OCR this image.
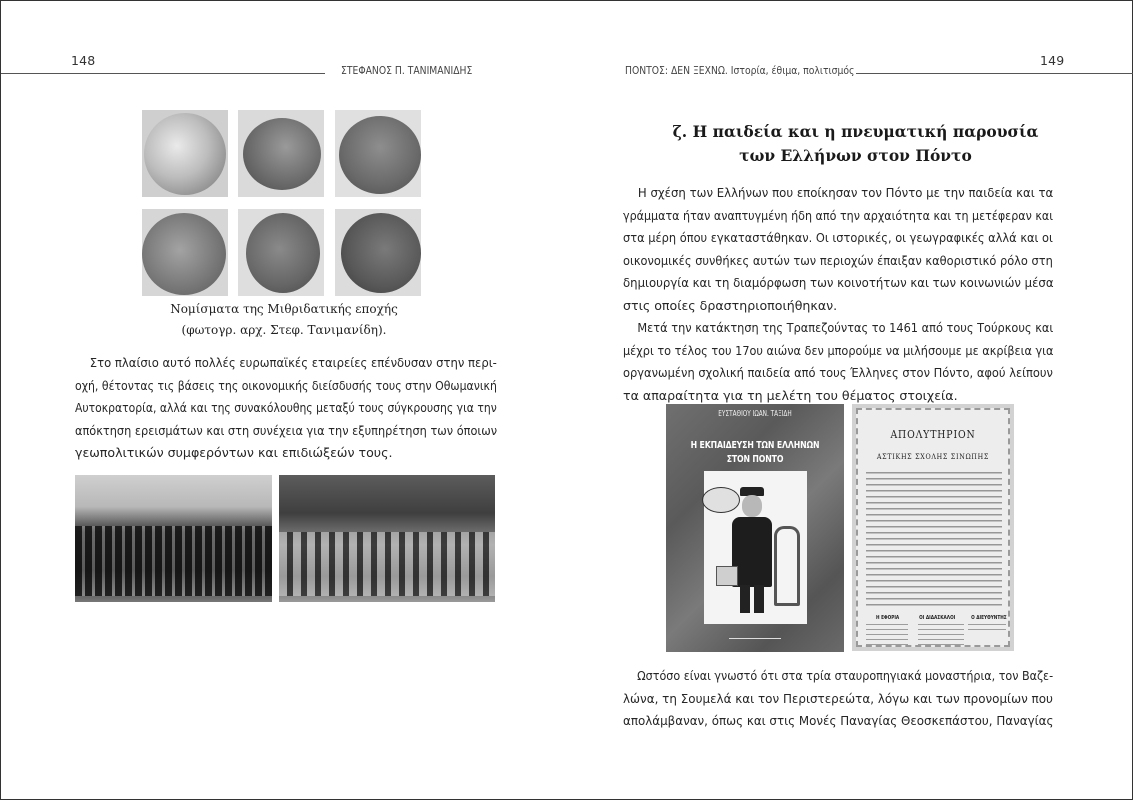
148
ΣΤΕΦΑΝΟΣ Π. ΤΑΝΙΜΑΝΙΔΗΣ
Νομίσματα της Μιθριδατικής εποχής
(φωτογρ. αρχ. Στεφ. Τανιμανίδη).
Στο πλαίσιο αυτό πολλές ευρωπαϊκές εταιρείες επένδυσαν στην περι-
οχή, θέτοντας τις βάσεις της οικονομικής διείσδυσής τους στην Οθωμανική
Αυτοκρατορία, αλλά και της συνακόλουθης μεταξύ τους σύγκρουσης για την
απόκτηση ερεισμάτων και στη συνέχεια για την εξυπηρέτηση των όποιων
γεωπολιτικών συμφερόντων και επιδιώξεών τους.
ΠΟΝΤΟΣ: ΔΕΝ ΞΕΧΝΩ. Ιστορία, έθιμα, πολιτισμός
149
ζ. Η παιδεία και η πνευματική παρουσία
των Ελλήνων στον Πόντο
Η σχέση των Ελλήνων που εποίκησαν τον Πόντο με την παιδεία και τα
γράμματα ήταν αναπτυγμένη ήδη από την αρχαιότητα και τη μετέφεραν και
στα μέρη όπου εγκαταστάθηκαν. Οι ιστορικές, οι γεωγραφικές αλλά και οι
οικονομικές συνθήκες αυτών των περιοχών έπαιξαν καθοριστικό ρόλο στη
δημιουργία και τη διαμόρφωση των κοινοτήτων και των κοινωνιών μέσα
στις οποίες δραστηριοποιήθηκαν.
Μετά την κατάκτηση της Τραπεζούντας το 1461 από τους Τούρκους και
μέχρι το τέλος του 17ου αιώνα δεν μπορούμε να μιλήσουμε με ακρίβεια για
οργανωμένη σχολική παιδεία από τους Έλληνες στον Πόντο, αφού λείπουν
τα απαραίτητα για τη μελέτη του θέματος στοιχεία.
ΕΥΣΤΑΘΙΟΥ ΙΩΑΝ. ΤΑΞΙΔΗ
Η ΕΚΠΑΙΔΕΥΣΗ ΤΩΝ ΕΛΛΗΝΩΝ
ΣΤΟΝ ΠΟΝΤΟ
ΑΠΟΛΥΤΗΡΙΟΝ
ΑΣΤΙΚΗΣ ΣΧΟΛΗΣ ΣΙΝΩΠΗΣ
Η ΕΦΟΡΙΑ	ΟΙ ΔΙΔΑΣΚΑΛΟΙ	Ο ΔΙΕΥΘΥΝΤΗΣ
Ωστόσο είναι γνωστό ότι στα τρία σταυροπηγιακά μοναστήρια, τον Βαζε-
λώνα, τη Σουμελά και τον Περιστερεώτα, λόγω και των προνομίων που
απολάμβαναν, όπως και στις Μονές Παναγίας Θεοσκεπάστου, Παναγίας
